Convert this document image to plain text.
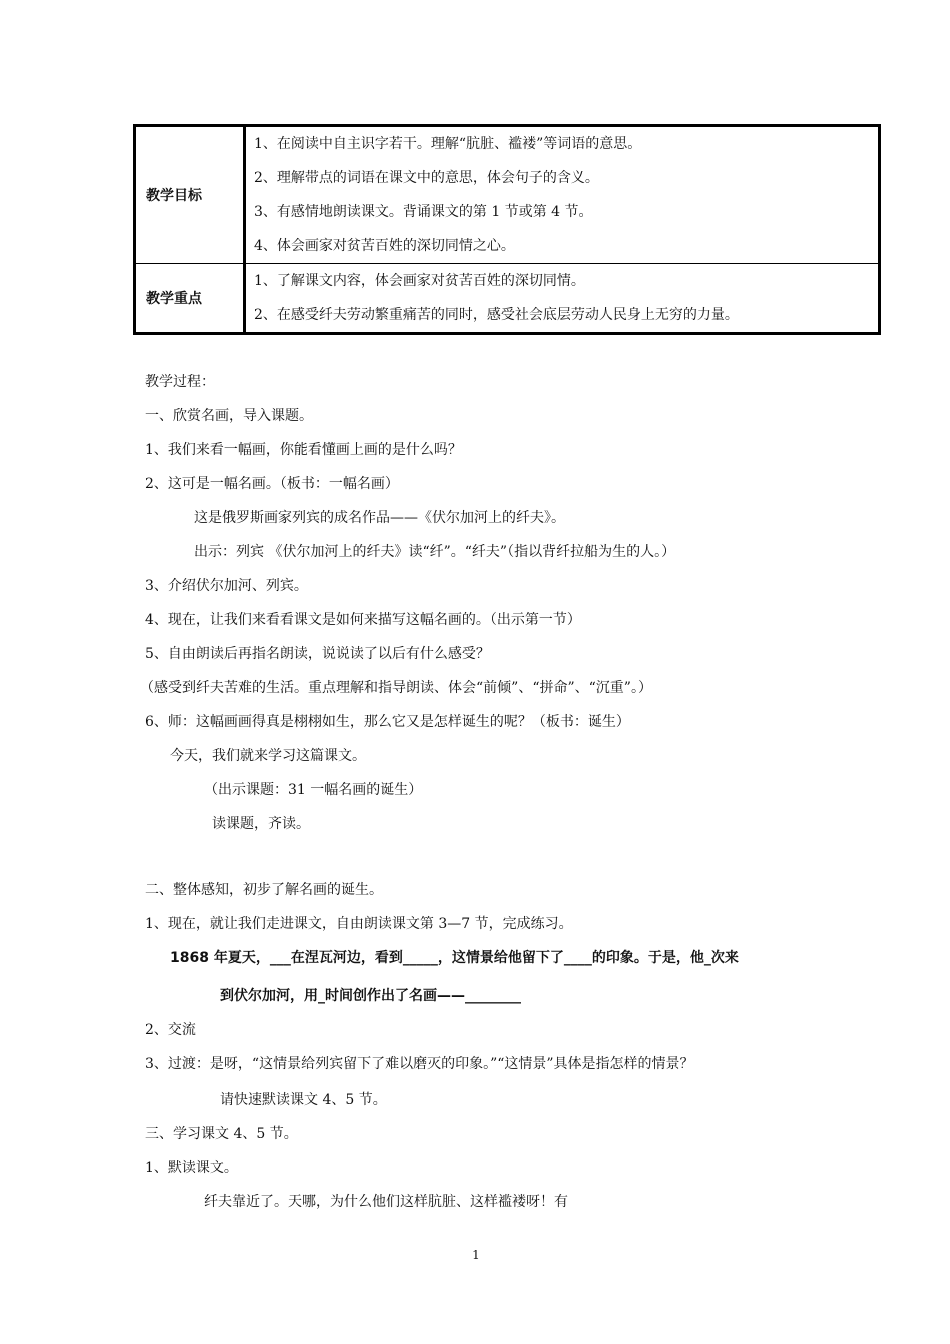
教学目标	1、在阅读中自主识字若干。理解“肮脏、褴褛”等词语的意思。
2、理解带点的词语在课文中的意思，体会句子的含义。
3、有感情地朗读课文。背诵课文的第 1 节或第 4 节。
4、体会画家对贫苦百姓的深切同情之心。

教学重点	1、了解课文内容，体会画家对贫苦百姓的深切同情。
2、在感受纤夫劳动繁重痛苦的同时，感受社会底层劳动人民身上无穷的力量。
教学过程：
一、欣赏名画，导入课题。
1、我们来看一幅画，你能看懂画上画的是什么吗？
2、这可是一幅名画。（板书：一幅名画）
这是俄罗斯画家列宾的成名作品——《伏尔加河上的纤夫》。
出示：列宾 《伏尔加河上的纤夫》读“纤”。“纤夫”（指以背纤拉船为生的人。）
3、介绍伏尔加河、列宾。
4、现在，让我们来看看课文是如何来描写这幅名画的。（出示第一节）
5、自由朗读后再指名朗读，说说读了以后有什么感受？
（感受到纤夫苦难的生活。重点理解和指导朗读、体会“前倾”、“拼命”、“沉重”。）
6、师：这幅画画得真是栩栩如生，那么它又是怎样诞生的呢？（板书：诞生）
今天，我们就来学习这篇课文。
（出示课题：31 一幅名画的诞生）
读课题，齐读。
二、整体感知，初步了解名画的诞生。
1、现在，就让我们走进课文，自由朗读课文第 3—7 节，完成练习。
1868 年夏天，___在涅瓦河边，看到_____，这情景给他留下了____的印象。于是，他_次来
到伏尔加河，用_时间创作出了名画——________
2、交流
3、过渡：是呀，“这情景给列宾留下了难以磨灭的印象。”“这情景”具体是指怎样的情景？
请快速默读课文 4、5 节。
三、学习课文 4、5 节。
1、默读课文。
纤夫靠近了。天哪，为什么他们这样肮脏、这样褴褛呀！有
1
